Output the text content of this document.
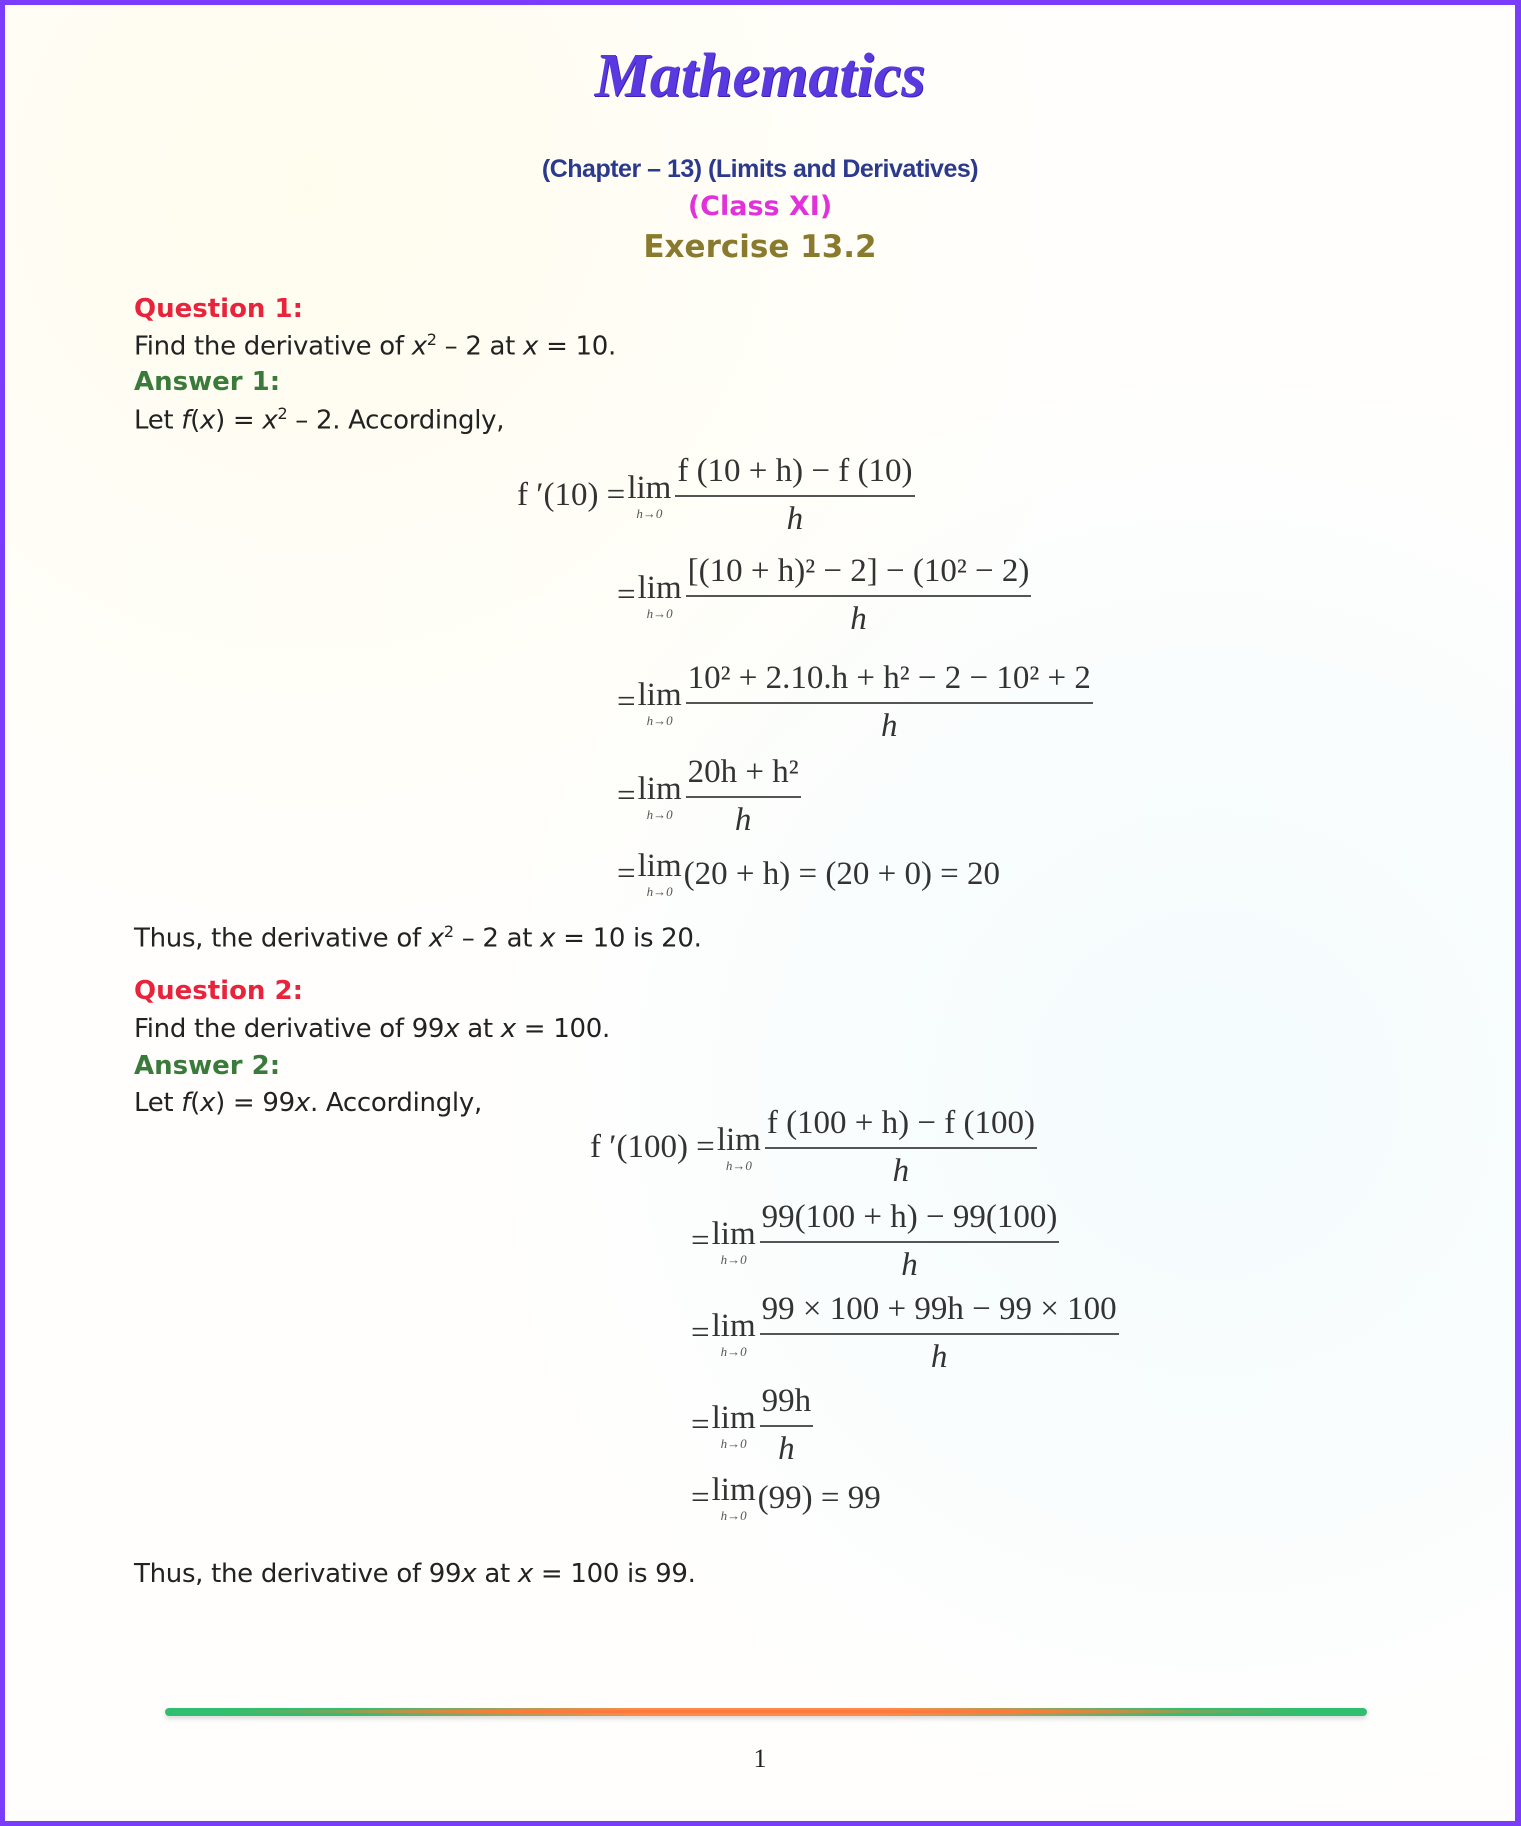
Mathematics
(Chapter – 13) (Limits and Derivatives)
(Class XI)
Exercise 13.2
Question 1:
Find the derivative of $x^2 - 2$ at x = 10.
Answer 1:
Let $f(x) = x^2 - 2$. Accordingly,
f ′(10) = lim
$h\to 0 \frac{f (10 + h) - f (10)}{h}$
= lim
$h\to 0 \frac{\text{[(10 + h)² − 2] − (10² − 2)}}{h}$
= lim
$h\to 0 \frac{\text{10² + 2.10.h + h² − 2 − 10² + 2}}{h}$
= lim
$h\to 0 \frac{\text{20h + h²}}{h}$
= lim
h→0 (20 + h) = (20 + 0) = 20
Thus, the derivative of $x^2 - 2$ at x = 10 is 20.
Question 2:
Find the derivative of 99x at x = 100.
Answer 2:
Let f(x) = 99x. Accordingly,
f ′(100) = lim
$h\to 0 \frac{f (100 + h) - f (100)}{h}$
= lim
$h\to 0 \frac{99(100 + h) - 99(100)}{h}$
= lim
$h\to 0 \frac{99 \times 100 + 99h - 99 \times 100}{h}$
= lim
$h\to 0 \frac{99h}{h}$
= lim
h→0 (99) = 99
Thus, the derivative of 99x at x = 100 is 99.
1
